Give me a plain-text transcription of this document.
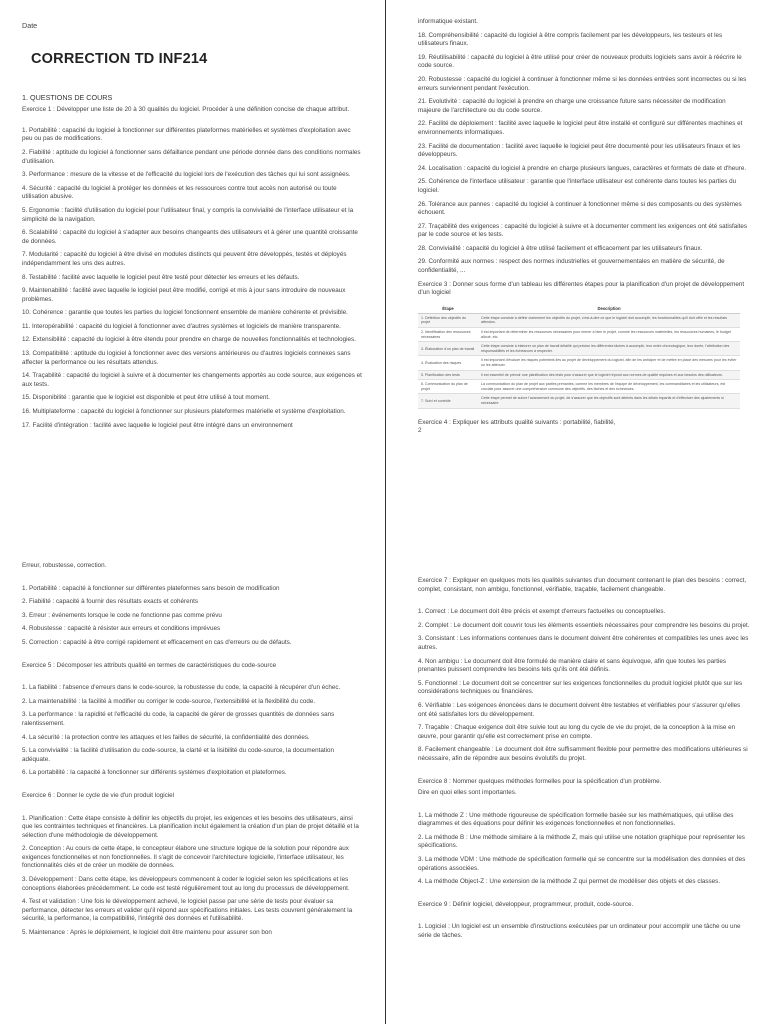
Date

CORRECTION TD INF214

1. QUESTIONS DE COURS

Exercice 1 : Développer une liste de 20 à 30 qualités du logiciel. Procéder à une définition concise de chaque attribut.

1. Portabilité : capacité du logiciel à fonctionner sur différentes plateformes matérielles et systèmes d'exploitation avec peu ou pas de modifications.

2. Fiabilité : aptitude du logiciel à fonctionner sans défaillance pendant une période donnée dans des conditions normales d'utilisation.

3. Performance : mesure de la vitesse et de l'efficacité du logiciel lors de l'exécution des tâches qui lui sont assignées.

4. Sécurité : capacité du logiciel à protéger les données et les ressources contre tout accès non autorisé ou toute utilisation abusive.

5. Ergonomie : facilité d'utilisation du logiciel pour l'utilisateur final, y compris la convivialité de l'interface utilisateur et la simplicité de la navigation.

6. Scalabilité : capacité du logiciel à s'adapter aux besoins changeants des utilisateurs et à gérer une quantité croissante de données.

7. Modularité : capacité du logiciel à être divisé en modules distincts qui peuvent être développés, testés et déployés indépendamment les uns des autres.

8. Testabilité : facilité avec laquelle le logiciel peut être testé pour détecter les erreurs et les défauts.

9. Maintenabilité : facilité avec laquelle le logiciel peut être modifié, corrigé et mis à jour sans introduire de nouveaux problèmes.

10. Cohérence : garantie que toutes les parties du logiciel fonctionnent ensemble de manière cohérente et prévisible.

11. Interopérabilité : capacité du logiciel à fonctionner avec d'autres systèmes et logiciels de manière transparente.

12. Extensibilité : capacité du logiciel à être étendu pour prendre en charge de nouvelles fonctionnalités et technologies.

13. Compatibilité : aptitude du logiciel à fonctionner avec des versions antérieures ou d'autres logiciels connexes sans affecter la performance ou les résultats attendus.

14. Traçabilité : capacité du logiciel à suivre et à documenter les changements apportés au code source, aux exigences et aux tests.

15. Disponibilité : garantie que le logiciel est disponible et peut être utilisé à tout moment.

16. Multiplateforme : capacité du logiciel à fonctionner sur plusieurs plateformes matérielle et système d'exploitation.

17. Facilité d'intégration : facilité avec laquelle le logiciel peut être intégré dans un environnement

informatique existant.

18. Compréhensibilité : capacité du logiciel à être compris facilement par les développeurs, les testeurs et les utilisateurs finaux.

19. Réutilisabilité : capacité du logiciel à être utilisé pour créer de nouveaux produits logiciels sans avoir à réécrire le code source.

20. Robustesse : capacité du logiciel à continuer à fonctionner même si les données entrées sont incorrectes ou si les erreurs surviennent pendant l'exécution.

21. Evolutivité : capacité du logiciel à prendre en charge une croissance future sans nécessiter de modification majeure de l'architecture ou du code source.

22. Facilité de déploiement : facilité avec laquelle le logiciel peut être installé et configuré sur différentes machines et environnements informatiques.

23. Facilité de documentation : facilité avec laquelle le logiciel peut être documenté pour les utilisateurs finaux et les développeurs.

24. Localisation : capacité du logiciel à prendre en charge plusieurs langues, caractères et formats de date et d'heure.

25. Cohérence de l'interface utilisateur : garantie que l'interface utilisateur est cohérente dans toutes les parties du logiciel.

26. Tolérance aux pannes : capacité du logiciel à continuer à fonctionner même si des composants ou des systèmes échouent.

27. Traçabilité des exigences : capacité du logiciel à suivre et à documenter comment les exigences ont été satisfaites par le code source et les tests.

28. Convivialité : capacité du logiciel à être utilisé facilement et efficacement par les utilisateurs finaux.

29. Conformité aux normes : respect des normes industrielles et gouvernementales en matière de sécurité, de confidentialité, ...

Exercice 3 : Donner sous forme d'un tableau les différentes étapes pour la planification d'un projet de développement d'un logiciel

Étape	Description
1. Définition des objectifs du projet	Cette étape consiste à définir clairement les objectifs du projet, c'est-à-dire ce que le logiciel doit accomplir, les fonctionnalités qu'il doit offrir et les résultats attendus.
2. Identification des ressources nécessaires	Il est important de déterminer les ressources nécessaires pour mener à bien le projet, comme les ressources matérielles, les ressources humaines, le budget alloué, etc.
3. Élaboration d'un plan de travail	Cette étape consiste à élaborer un plan de travail détaillé qui précise les différentes tâches à accomplir, leur ordre chronologique, leur durée, l'attribution des responsabilités et les échéances à respecter.
4. Évaluation des risques	Il est important d'évaluer les risques potentiels liés au projet de développement du logiciel, afin de les anticiper et de mettre en place des mesures pour les éviter ou les atténuer.
5. Planification des tests	Il est essentiel de prévoir une planification des tests pour s'assurer que le logiciel répond aux normes de qualité requises et aux besoins des utilisateurs.
6. Communication du plan de projet	La communication du plan de projet aux parties prenantes, comme les membres de l'équipe de développement, les commanditaires et les utilisateurs, est cruciale pour assurer une compréhension commune des objectifs, des tâches et des échéances.
7. Suivi et contrôle	Cette étape permet de suivre l'avancement du projet, de s'assurer que les objectifs sont atteints dans les délais impartis et d'effectuer des ajustements si nécessaire.

Exercice 4 : Expliquer les attributs qualité suivants : portabilité, fiabilité,

2

Erreur, robustesse, correction.

1. Portabilité : capacité à fonctionner sur différentes plateformes sans besoin de modification

2. Fiabilité : capacité à fournir des résultats exacts et cohérents

3. Erreur : événements lorsque le code ne fonctionne pas comme prévu

4. Robustesse : capacité à résister aux erreurs et conditions imprévues

5. Correction : capacité à être corrigé rapidement et efficacement en cas d'erreurs ou de défauts.

Exercice 5 : Décomposer les attributs qualité en termes de caractéristiques du code-source

1. La fiabilité : l'absence d'erreurs dans le code-source, la robustesse du code, la capacité à récupérer d'un échec.

2. La maintenabilité : la facilité à modifier ou corriger le code-source, l'extensibilité et la flexibilité du code.

3. La performance : la rapidité et l'efficacité du code, la capacité de gérer de grosses quantités de données sans ralentissement.

4. La sécurité : la protection contre les attaques et les failles de sécurité, la confidentialité des données.

5. La convivialité : la facilité d'utilisation du code-source, la clarté et la lisibilité du code-source, la documentation adéquate.

6. La portabilité : la capacité à fonctionner sur différents systèmes d'exploitation et plateformes.

Exercice 6 : Donner le cycle de vie d'un produit logiciel

1. Planification : Cette étape consiste à définir les objectifs du projet, les exigences et les besoins des utilisateurs, ainsi que les contraintes techniques et financières. La planification inclut également la création d'un plan de projet détaillé et la sélection d'une méthodologie de développement.

2. Conception : Au cours de cette étape, le concepteur élabore une structure logique de la solution pour répondre aux exigences fonctionnelles et non fonctionnelles. Il s'agit de concevoir l'architecture logicielle, l'interface utilisateur, les fonctionnalités clés et de créer un modèle de données.

3. Développement : Dans cette étape, les développeurs commencent à coder le logiciel selon les spécifications et les conceptions élaborées précédemment. Le code est testé régulièrement tout au long du processus de développement.

4. Test et validation : Une fois le développement achevé, le logiciel passe par une série de tests pour évaluer sa performance, détecter les erreurs et valider qu'il répond aux spécifications initiales. Les tests couvrent généralement la sécurité, la performance, la compatibilité, l'intégrité des données et l'utilisabilité.

5. Maintenance : Après le déploiement, le logiciel doit être maintenu pour assurer son bon

Exercice 7 : Expliquer en quelques mots les qualités suivantes d'un document contenant le plan des besoins : correct, complet, consistant, non ambigu, fonctionnel, vérifiable, traçable, facilement changeable.

1. Correct : Le document doit être précis et exempt d'erreurs factuelles ou conceptuelles.

2. Complet : Le document doit couvrir tous les éléments essentiels nécessaires pour comprendre les besoins du projet.

3. Consistant : Les informations contenues dans le document doivent être cohérentes et compatibles les unes avec les autres.

4. Non ambigu : Le document doit être formulé de manière claire et sans équivoque, afin que toutes les parties prenantes puissent comprendre les besoins tels qu'ils ont été définis.

5. Fonctionnel : Le document doit se concentrer sur les exigences fonctionnelles du produit logiciel plutôt que sur les considérations techniques ou financières.

6. Vérifiable : Les exigences énoncées dans le document doivent être testables et vérifiables pour s'assurer qu'elles ont été satisfaites lors du développement.

7. Traçable : Chaque exigence doit être suivie tout au long du cycle de vie du projet, de la conception à la mise en œuvre, pour garantir qu'elle est correctement prise en compte.

8. Facilement changeable : Le document doit être suffisamment flexible pour permettre des modifications ultérieures si nécessaire, afin de répondre aux besoins évolutifs du projet.

Exercice 8 : Nommer quelques méthodes formelles pour la spécification d'un problème.

Dire en quoi elles sont importantes.

1. La méthode Z : Une méthode rigoureuse de spécification formelle basée sur les mathématiques, qui utilise des diagrammes et des équations pour définir les exigences fonctionnelles et non fonctionnelles.

2. La méthode B : Une méthode similaire à la méthode Z, mais qui utilise une notation graphique pour représenter les spécifications.

3. La méthode VDM : Une méthode de spécification formelle qui se concentre sur la modélisation des données et des opérations associées.

4. La méthode Object-Z : Une extension de la méthode Z qui permet de modéliser des objets et des classes.

Exercice 9 : Définir logiciel, développeur, programmeur, produit, code-source.

1. Logiciel : Un logiciel est un ensemble d'instructions exécutées par un ordinateur pour accomplir une tâche ou une série de tâches.
